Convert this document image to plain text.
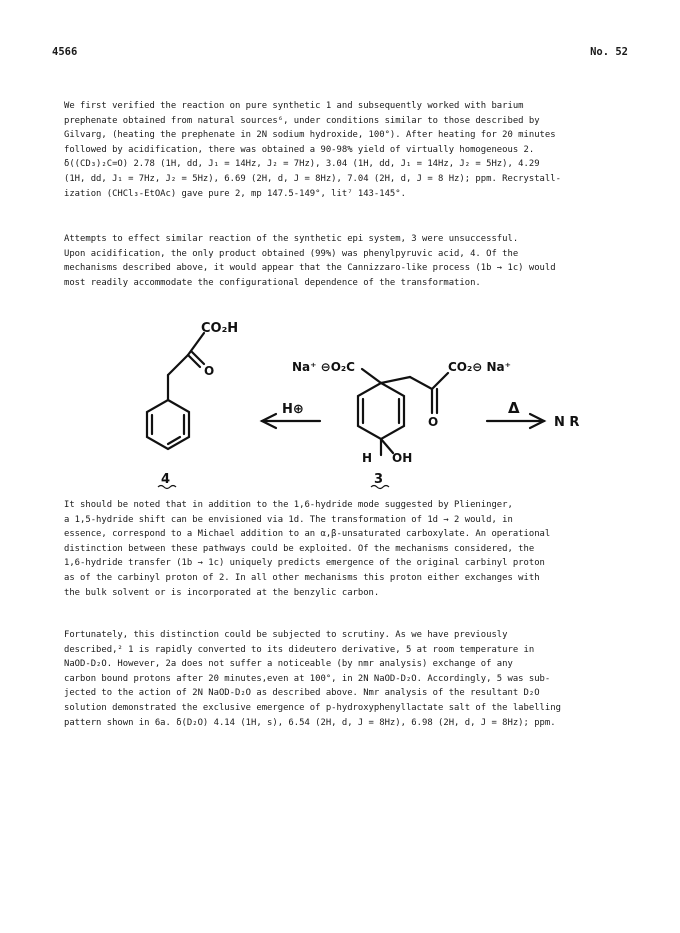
4566	No. 52
We first verified the reaction on pure synthetic 1 and subsequently worked with barium
prephenate obtained from natural sources⁶, under conditions similar to those described by
Gilvarg, (heating the prephenate in 2N sodium hydroxide, 100°). After heating for 20 minutes
followed by acidification, there was obtained a 90-98% yield of virtually homogeneous 2.
δ((CD₃)₂C=O) 2.78 (1H, dd, J₁ = 14Hz, J₂ = 7Hz), 3.04 (1H, dd, J₁ = 14Hz, J₂ = 5Hz), 4.29
(1H, dd, J₁ = 7Hz, J₂ = 5Hz), 6.69 (2H, d, J = 8Hz), 7.04 (2H, d, J = 8 Hz); ppm. Recrystall-
ization (CHCl₃-EtOAc) gave pure 2, mp 147.5-149°, lit⁷ 143-145°.
Attempts to effect similar reaction of the synthetic epi system, 3 were unsuccessful.
Upon acidification, the only product obtained (99%) was phenylpyruvic acid, 4. Of the
mechanisms described above, it would appear that the Cannizzaro-like process (1b → 1c) would
most readily accommodate the configurational dependence of the transformation.
CO₂H
O
4
Na⁺ ⊖O₂C	CO₂⊖ Na⁺
O
H OH
3
H⊕	Δ
N R
It should be noted that in addition to the 1,6-hydride mode suggested by Plieninger,
a 1,5-hydride shift can be envisioned via 1d. The transformation of 1d → 2 would, in
essence, correspond to a Michael addition to an α,β-unsaturated carboxylate. An operational
distinction between these pathways could be exploited. Of the mechanisms considered, the
1,6-hydride transfer (1b → 1c) uniquely predicts emergence of the original carbinyl proton
as of the carbinyl proton of 2. In all other mechanisms this proton either exchanges with
the bulk solvent or is incorporated at the benzylic carbon.
Fortunately, this distinction could be subjected to scrutiny. As we have previously
described,² 1 is rapidly converted to its dideutero derivative, 5 at room temperature in
NaOD-D₂O. However, 2a does not suffer a noticeable (by nmr analysis) exchange of any
carbon bound protons after 20 minutes,even at 100°, in 2N NaOD-D₂O. Accordingly, 5 was sub-
jected to the action of 2N NaOD-D₂O as described above. Nmr analysis of the resultant D₂O
solution demonstrated the exclusive emergence of p-hydroxyphenyllactate salt of the labelling
pattern shown in 6a. δ(D₂O) 4.14 (1H, s), 6.54 (2H, d, J = 8Hz), 6.98 (2H, d, J = 8Hz); ppm.
